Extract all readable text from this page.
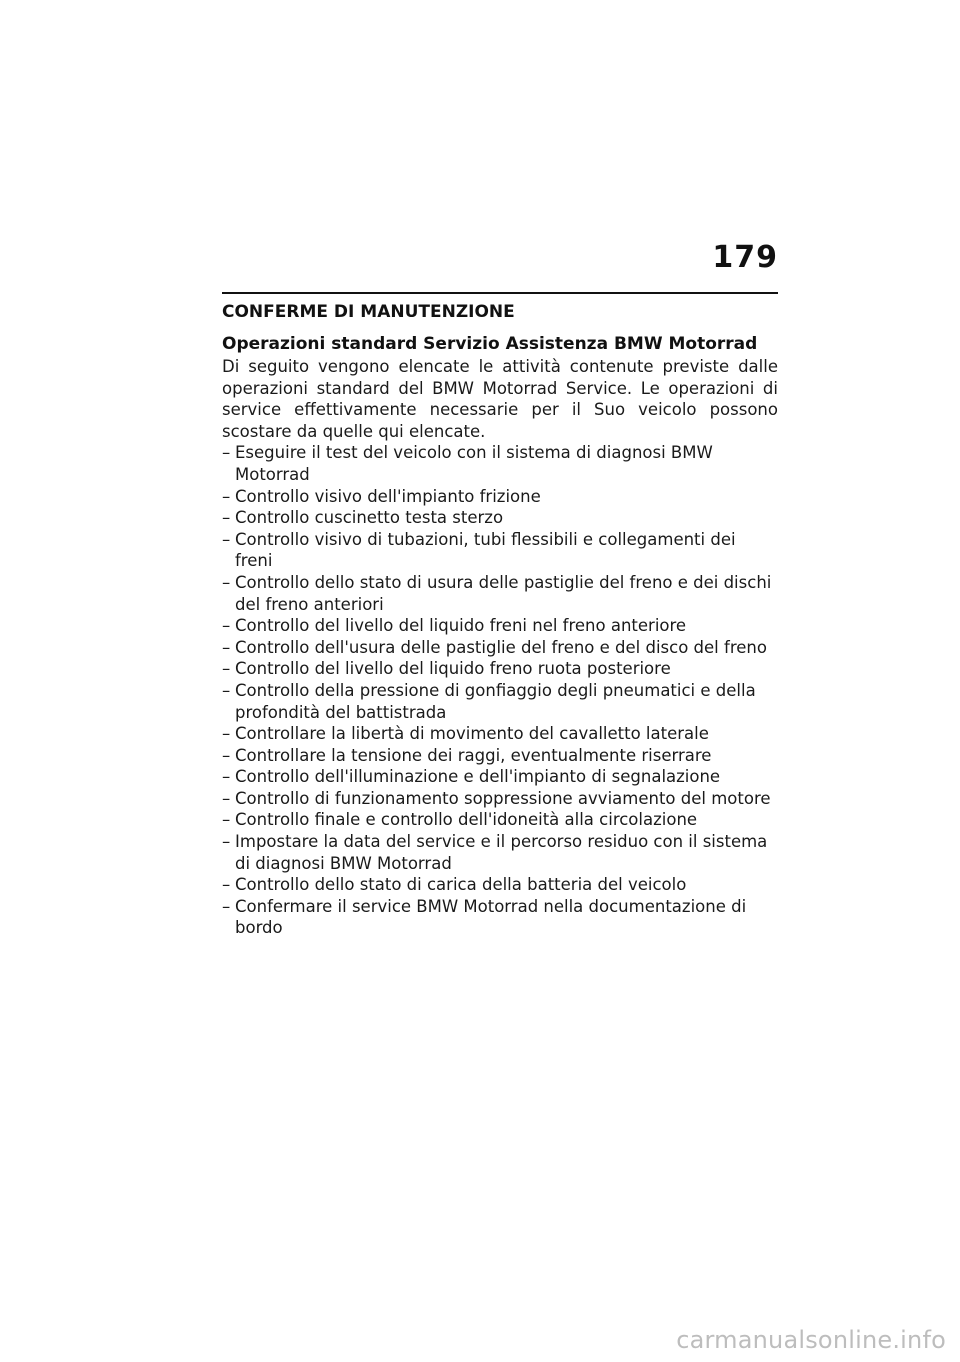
179
CONFERME DI MANUTENZIONE
Operazioni standard Servizio Assistenza BMW Motorrad

Di seguito vengono elencate le attività contenute previste dalle operazioni standard del BMW Motorrad Service. Le operazioni di service effettivamente necessarie per il Suo veicolo possono scostare da quelle qui elencate.

– Eseguire il test del veicolo con il sistema di diagnosi BMW Motorrad
– Controllo visivo dell'impianto frizione
– Controllo cuscinetto testa sterzo
– Controllo visivo di tubazioni, tubi flessibili e collegamenti dei freni
– Controllo dello stato di usura delle pastiglie del freno e dei dischi del freno anteriori
– Controllo del livello del liquido freni nel freno anteriore
– Controllo dell'usura delle pastiglie del freno e del disco del freno
– Controllo del livello del liquido freno ruota posteriore
– Controllo della pressione di gonfiaggio degli pneumatici e della profondità del battistrada
– Controllare la libertà di movimento del cavalletto laterale
– Controllare la tensione dei raggi, eventualmente riserrare
– Controllo dell'illuminazione e dell'impianto di segnalazione
– Controllo di funzionamento soppressione avviamento del motore
– Controllo finale e controllo dell'idoneità alla circolazione
– Impostare la data del service e il percorso residuo con il sistema di diagnosi BMW Motorrad
– Controllo dello stato di carica della batteria del veicolo
– Confermare il service BMW Motorrad nella documentazione di bordo
carmanualsonline.info
